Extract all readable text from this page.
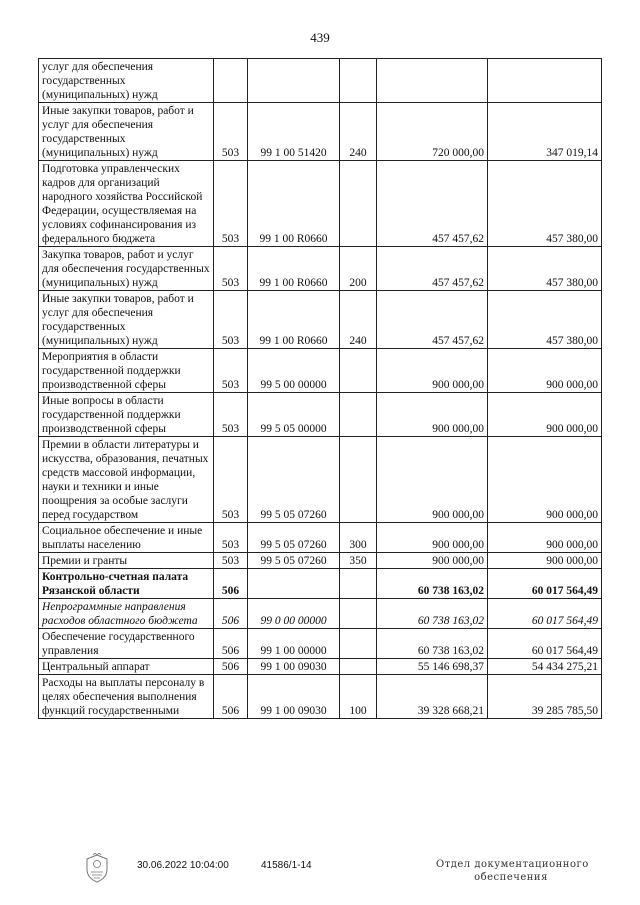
439
услуг для обеспечения государственных (муниципальных) нужд					
Иные закупки товаров, работ и услуг для обеспечения государственных (муниципальных) нужд	503	99 1 00 51420	240	720 000,00	347 019,14
Подготовка управленческих кадров для организаций народного хозяйства Российской Федерации, осуществляемая на условиях софинансирования из федерального бюджета	503	99 1 00 R0660		457 457,62	457 380,00
Закупка товаров, работ и услуг для обеспечения государственных (муниципальных) нужд	503	99 1 00 R0660	200	457 457,62	457 380,00
Иные закупки товаров, работ и услуг для обеспечения государственных (муниципальных) нужд	503	99 1 00 R0660	240	457 457,62	457 380,00
Мероприятия в области государственной поддержки производственной сферы	503	99 5 00 00000		900 000,00	900 000,00
Иные вопросы в области государственной поддержки производственной сферы	503	99 5 05 00000		900 000,00	900 000,00
Премии в области литературы и искусства, образования, печатных средств массовой информации, науки и техники и иные поощрения за особые заслуги перед государством	503	99 5 05 07260		900 000,00	900 000,00
Социальное обеспечение и иные выплаты населению	503	99 5 05 07260	300	900 000,00	900 000,00
Премии и гранты	503	99 5 05 07260	350	900 000,00	900 000,00
Контрольно-счетная палата Рязанской области	506			60 738 163,02	60 017 564,49
Непрограммные направления расходов областного бюджета	506	99 0 00 00000		60 738 163,02	60 017 564,49
Обеспечение государственного управления	506	99 1 00 00000		60 738 163,02	60 017 564,49
Центральный аппарат	506	99 1 00 09030		55 146 698,37	54 434 275,21
Расходы на выплаты персоналу в целях обеспечения выполнения функций государственными	506	99 1 00 09030	100	39 328 668,21	39 285 785,50
30.06.2022 10:04:00	41586/1-14	Отдел документационного
обеспечения
